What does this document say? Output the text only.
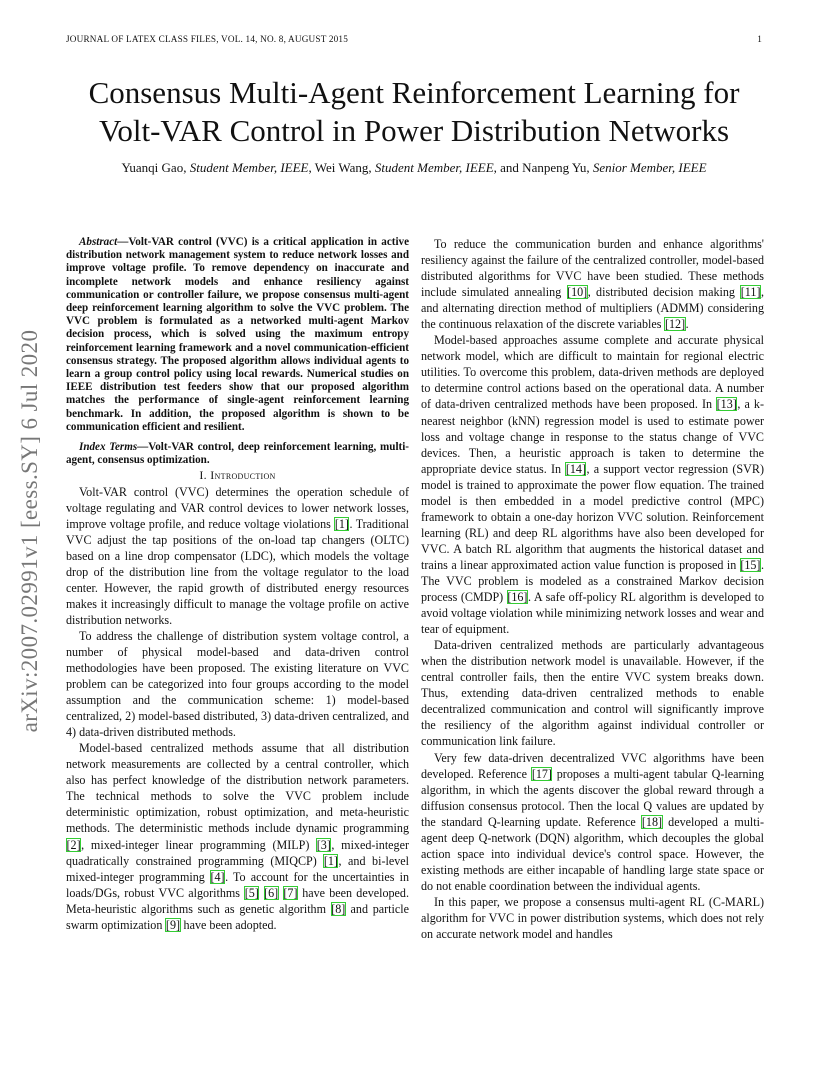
JOURNAL OF LATEX CLASS FILES, VOL. 14, NO. 8, AUGUST 2015	1
Consensus Multi-Agent Reinforcement Learning for
Volt-VAR Control in Power Distribution Networks
Yuanqi Gao, Student Member, IEEE, Wei Wang, Student Member, IEEE, and Nanpeng Yu, Senior Member, IEEE
arXiv:2007.02991v1 [eess.SY] 6 Jul 2020

Abstract—Volt-VAR control (VVC) is a critical application in active distribution network management system to reduce network losses and improve voltage profile. To remove dependency on inaccurate and incomplete network models and enhance resiliency against communication or controller failure, we propose consensus multi-agent deep reinforcement learning algorithm to solve the VVC problem. The VVC problem is formulated as a networked multi-agent Markov decision process, which is solved using the maximum entropy reinforcement learning framework and a novel communication-efficient consensus strategy. The proposed algorithm allows individual agents to learn a group control policy using local rewards. Numerical studies on IEEE distribution test feeders show that our proposed algorithm matches the performance of single-agent reinforcement learning benchmark. In addition, the proposed algorithm is shown to be communication efficient and resilient.

Index Terms—Volt-VAR control, deep reinforcement learning, multi-agent, consensus optimization.

I. Introduction

Volt-VAR control (VVC) determines the operation schedule of voltage regulating and VAR control devices to lower network losses, improve voltage profile, and reduce voltage violations [1]. Traditional VVC adjust the tap positions of the on-load tap changers (OLTC) based on a line drop compensator (LDC), which models the voltage drop of the distribution line from the voltage regulator to the load center. However, the rapid growth of distributed energy resources makes it increasingly difficult to manage the voltage profile on active distribution networks.

To address the challenge of distribution system voltage control, a number of physical model-based and data-driven control methodologies have been proposed. The existing literature on VVC problem can be categorized into four groups according to the model assumption and the communication scheme: 1) model-based centralized, 2) model-based distributed, 3) data-driven centralized, and 4) data-driven distributed methods.

Model-based centralized methods assume that all distribution network measurements are collected by a central controller, which also has perfect knowledge of the distribution network parameters. The technical methods to solve the VVC problem include deterministic optimization, robust optimization, and meta-heuristic methods. The deterministic methods include dynamic programming [2], mixed-integer linear programming (MILP) [3], mixed-integer quadratically constrained programming (MIQCP) [1], and bi-level mixed-integer programming [4]. To account for the uncertainties in loads/DGs, robust VVC algorithms [5] [6] [7] have been developed. Meta-heuristic algorithms such as genetic algorithm [8] and particle swarm optimization [9] have been adopted.

To reduce the communication burden and enhance algorithms' resiliency against the failure of the centralized controller, model-based distributed algorithms for VVC have been studied. These methods include simulated annealing [10], distributed decision making [11], and alternating direction method of multipliers (ADMM) considering the continuous relaxation of the discrete variables [12].

Model-based approaches assume complete and accurate physical network model, which are difficult to maintain for regional electric utilities. To overcome this problem, data-driven methods are deployed to determine control actions based on the operational data. A number of data-driven centralized methods have been proposed. In [13], a k-nearest neighbor (kNN) regression model is used to estimate power loss and voltage change in response to the status change of VVC devices. Then, a heuristic approach is taken to determine the appropriate device status. In [14], a support vector regression (SVR) model is trained to approximate the power flow equation. The trained model is then embedded in a model predictive control (MPC) framework to obtain a one-day horizon VVC solution. Reinforcement learning (RL) and deep RL algorithms have also been developed for VVC. A batch RL algorithm that augments the historical dataset and trains a linear approximated action value function is proposed in [15]. The VVC problem is modeled as a constrained Markov decision process (CMDP) [16]. A safe off-policy RL algorithm is developed to avoid voltage violation while minimizing network losses and wear and tear of equipment.

Data-driven centralized methods are particularly advantageous when the distribution network model is unavailable. However, if the central controller fails, then the entire VVC system breaks down. Thus, extending data-driven centralized methods to enable decentralized communication and control will significantly improve the resiliency of the algorithm against individual controller or communication link failure.

Very few data-driven decentralized VVC algorithms have been developed. Reference [17] proposes a multi-agent tabular Q-learning algorithm, in which the agents discover the global reward through a diffusion consensus protocol. Then the local Q values are updated by the standard Q-learning update. Reference [18] developed a multi-agent deep Q-network (DQN) algorithm, which decouples the global action space into individual device's control space. However, the existing methods are either incapable of handling large state space or do not enable coordination between the individual agents.

In this paper, we propose a consensus multi-agent RL (C-MARL) algorithm for VVC in power distribution systems, which does not rely on accurate network model and handles
